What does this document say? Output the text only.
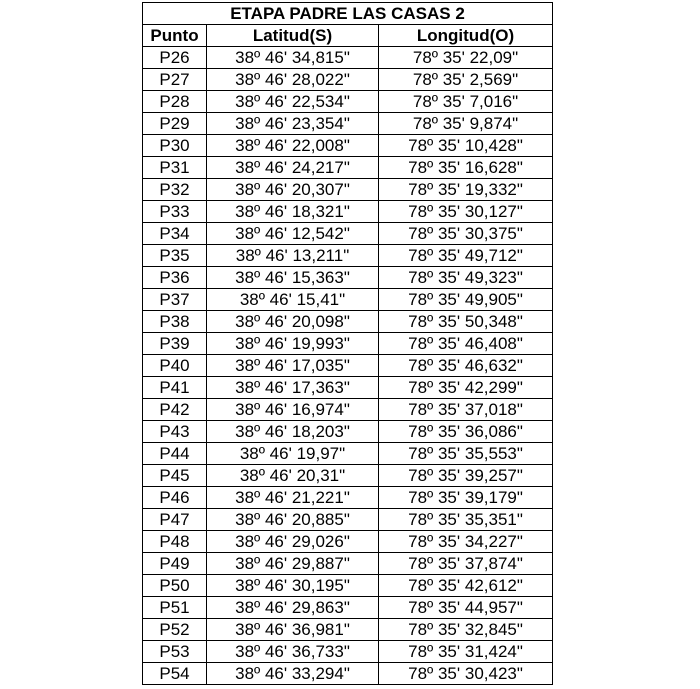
ETAPA PADRE LAS CASAS 2		
Punto	Latitud(S)	Longitud(O)
P26	38º 46' 34,815"	78º 35' 22,09"
P27	38º 46' 28,022"	78º 35' 2,569"
P28	38º 46' 22,534"	78º 35' 7,016"
P29	38º 46' 23,354"	78º 35' 9,874"
P30	38º 46' 22,008"	78º 35' 10,428"
P31	38º 46' 24,217"	78º 35' 16,628"
P32	38º 46' 20,307"	78º 35' 19,332"
P33	38º 46' 18,321"	78º 35' 30,127"
P34	38º 46' 12,542"	78º 35' 30,375"
P35	38º 46' 13,211"	78º 35' 49,712"
P36	38º 46' 15,363"	78º 35' 49,323"
P37	38º 46' 15,41"	78º 35' 49,905"
P38	38º 46' 20,098"	78º 35' 50,348"
P39	38º 46' 19,993"	78º 35' 46,408"
P40	38º 46' 17,035"	78º 35' 46,632"
P41	38º 46' 17,363"	78º 35' 42,299"
P42	38º 46' 16,974"	78º 35' 37,018"
P43	38º 46' 18,203"	78º 35' 36,086"
P44	38º 46' 19,97"	78º 35' 35,553"
P45	38º 46' 20,31"	78º 35' 39,257"
P46	38º 46' 21,221"	78º 35' 39,179"
P47	38º 46' 20,885"	78º 35' 35,351"
P48	38º 46' 29,026"	78º 35' 34,227"
P49	38º 46' 29,887"	78º 35' 37,874"
P50	38º 46' 30,195"	78º 35' 42,612"
P51	38º 46' 29,863"	78º 35' 44,957"
P52	38º 46' 36,981"	78º 35' 32,845"
P53	38º 46' 36,733"	78º 35' 31,424"
P54	38º 46' 33,294"	78º 35' 30,423"
